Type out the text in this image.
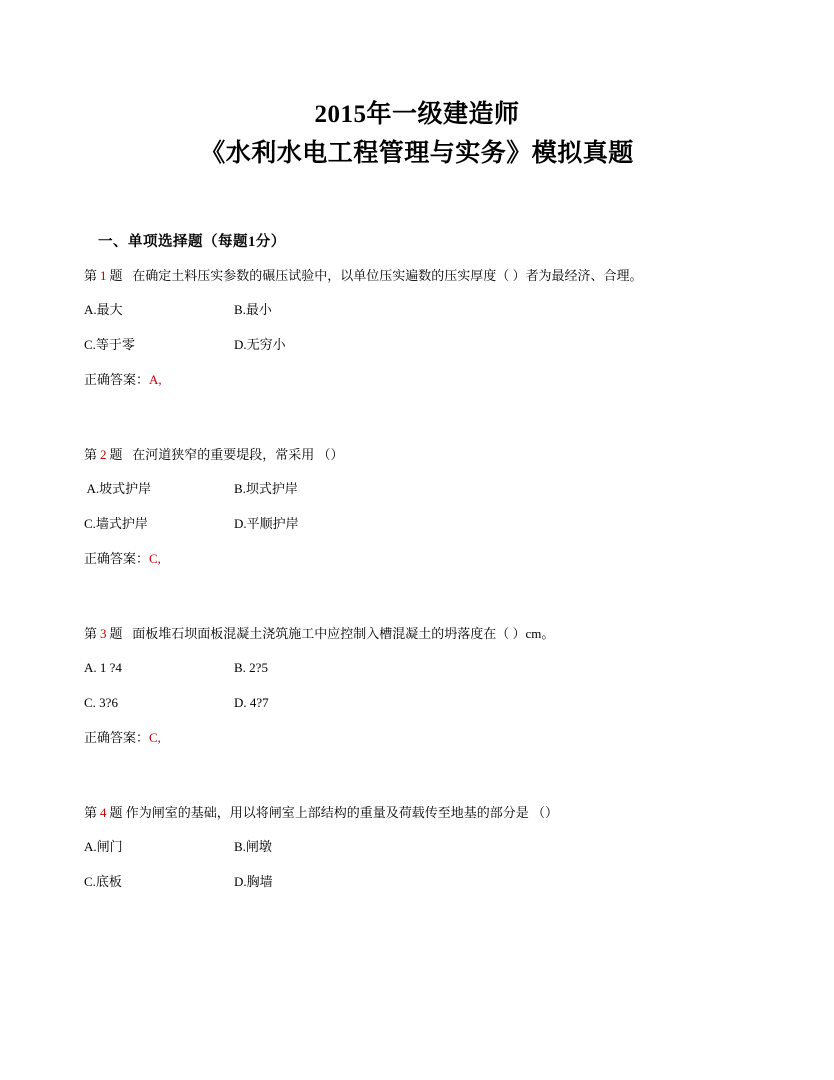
2015年一级建造师
《水利水电工程管理与实务》模拟真题
一、单项选择题（每题1分）

第 1 题 在确定土料压实参数的碾压试验中，以单位压实遍数的压实厚度（ ）者为最经济、合理。

A.最大	B.最小
C.等于零	D.无穷小
正确答案：A,

第 2 题 在河道狭窄的重要堤段，常采用 （）

A.坡式护岸	B.坝式护岸
C.墙式护岸	D.平顺护岸
正确答案：C,

第 3 题 面板堆石坝面板混凝土浇筑施工中应控制入槽混凝土的坍落度在（ ）cm。

A. 1 ?4	B. 2?5
C. 3?6	D. 4?7
正确答案：C,

第 4 题 作为闸室的基础，用以将闸室上部结构的重量及荷载传至地基的部分是 （）

A.闸门	B.闸墩
C.底板	D.胸墙
